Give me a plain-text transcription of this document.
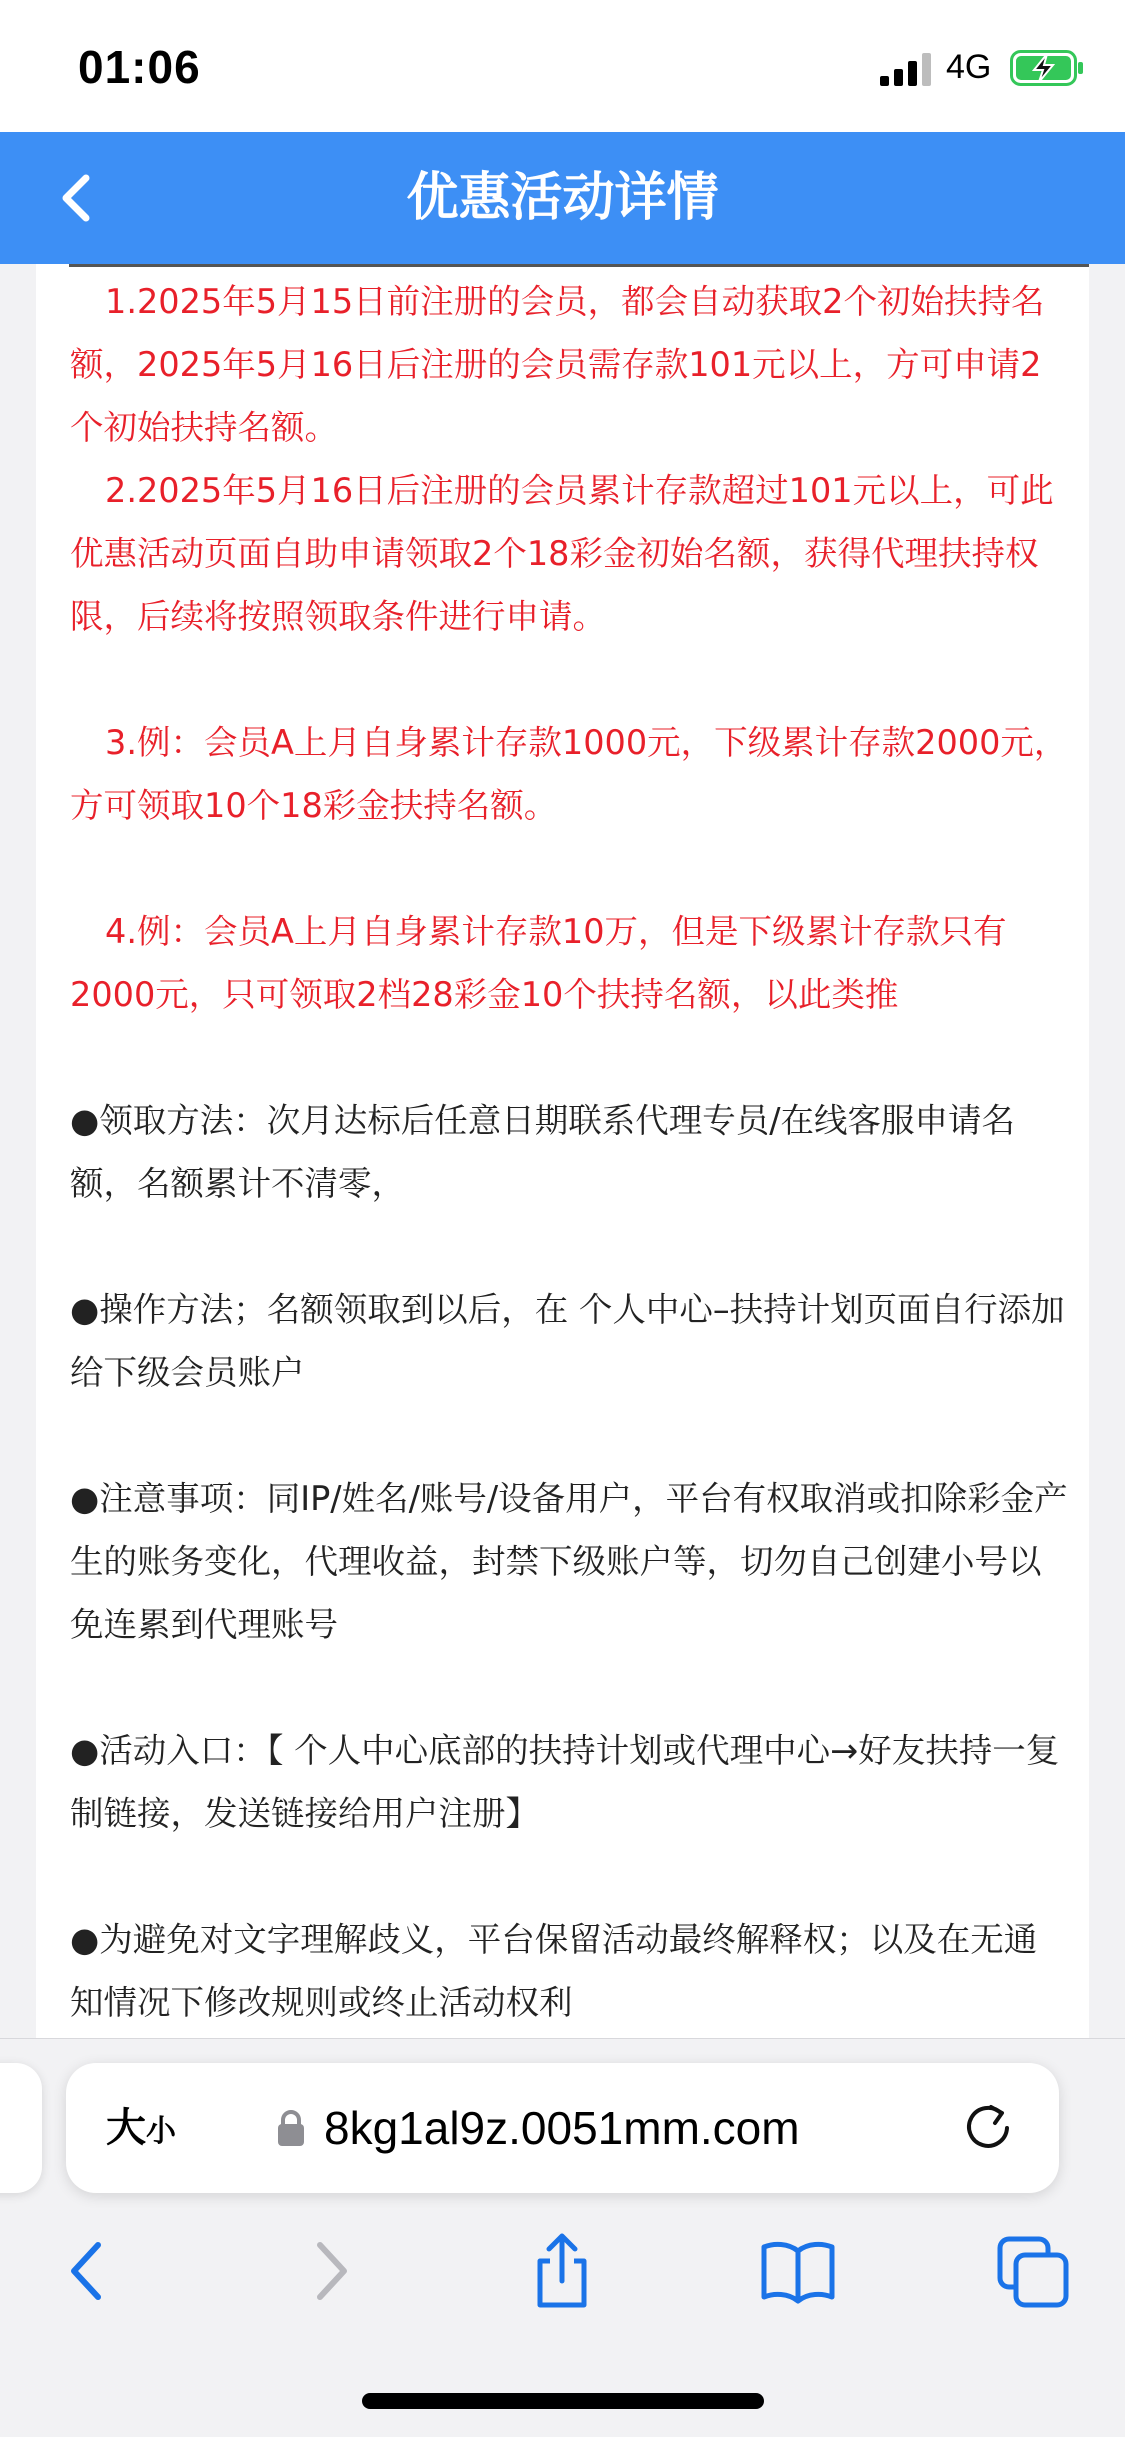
01:06	4G
优惠活动详情

1.2025年5月15日前注册的会员，都会自动获取2个初始扶持名额，2025年5月16日后注册的会员需存款101元以上，方可申请2个初始扶持名额。

2.2025年5月16日后注册的会员累计存款超过101元以上，可此优惠活动页面自助申请领取2个18彩金初始名额，获得代理扶持权限，后续将按照领取条件进行申请。

3.例：会员A上月自身累计存款1000元，下级累计存款2000元，方可领取10个18彩金扶持名额。

4.例：会员A上月自身累计存款10万，但是下级累计存款只有2000元，只可领取2档28彩金10个扶持名额，以此类推

●领取方法：次月达标后任意日期联系代理专员/在线客服申请名额，名额累计不清零，

●操作方法；名额领取到以后，在 个人中心–扶持计划页面自行添加给下级会员账户

●注意事项：同IP/姓名/账号/设备用户，平台有权取消或扣除彩金产生的账务变化，代理收益，封禁下级账户等，切勿自己创建小号以免连累到代理账号

●活动入口：【 个人中心底部的扶持计划或代理中心→好友扶持一复制链接，发送链接给用户注册】

●为避免对文字理解歧义，平台保留活动最终解释权；以及在无通知情况下修改规则或终止活动权利

大小	8kg1al9z.0051mm.com
